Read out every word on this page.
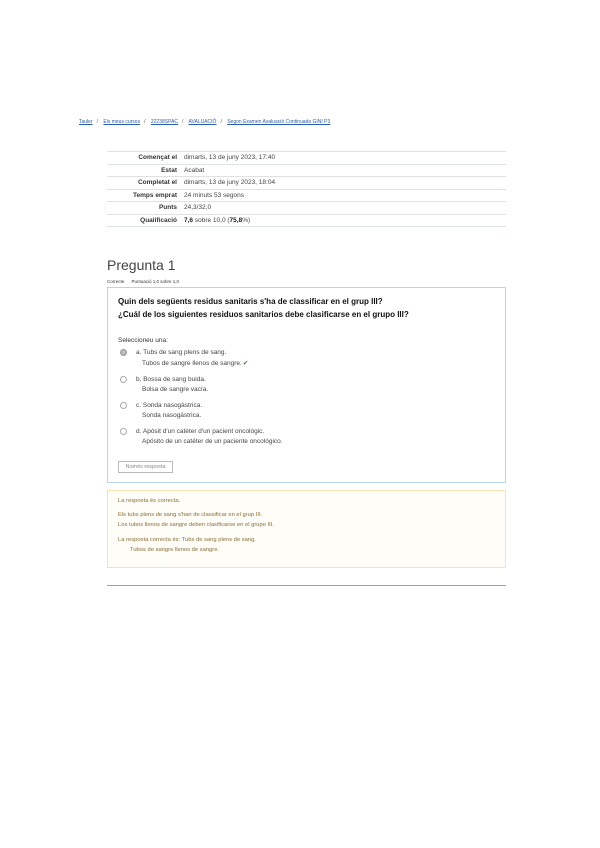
Tauler / Els meus cursos / 22238SPAC / AVALUACIÓ / Segon Examen Avaluació Continuada GINI P3
Començat el	dimarts, 13 de juny 2023, 17:40
Estat	Acabat
Completat el	dimarts, 13 de juny 2023, 18:04
Temps emprat	24 minuts 53 segons
Punts	24,3/32,0
Qualificació	7,6 sobre 10,0 (75,8%)
Pregunta 1
Correcte Puntuació 1,0 sobre 1,0
Quin dels següents residus sanitaris s'ha de classificar en el grup III?
¿Cuál de los siguientes residuos sanitarios debe clasificarse en el grupo III?
Seleccioneu una:
a. Tubs de sang plens de sang.
Tubos de sangre llenos de sangre.✔
b. Bossa de sang buida.
Bolsa de sangre vacía.
c. Sonda nasogàstrica.
Sonda nasogástrica.
d. Apòsit d'un catèter d'un pacient oncològic.
Apósito de un catéter de un paciente oncológico.
Només resposta
La resposta és correcta.
Els tubs plens de sang s'han de classificar en el grup III.
Los tubos llenos de sangre deben clasificarse en el grupo III.
La resposta correcta és: Tubs de sang plens de sang.
Tubos de sangre llenos de sangre.
